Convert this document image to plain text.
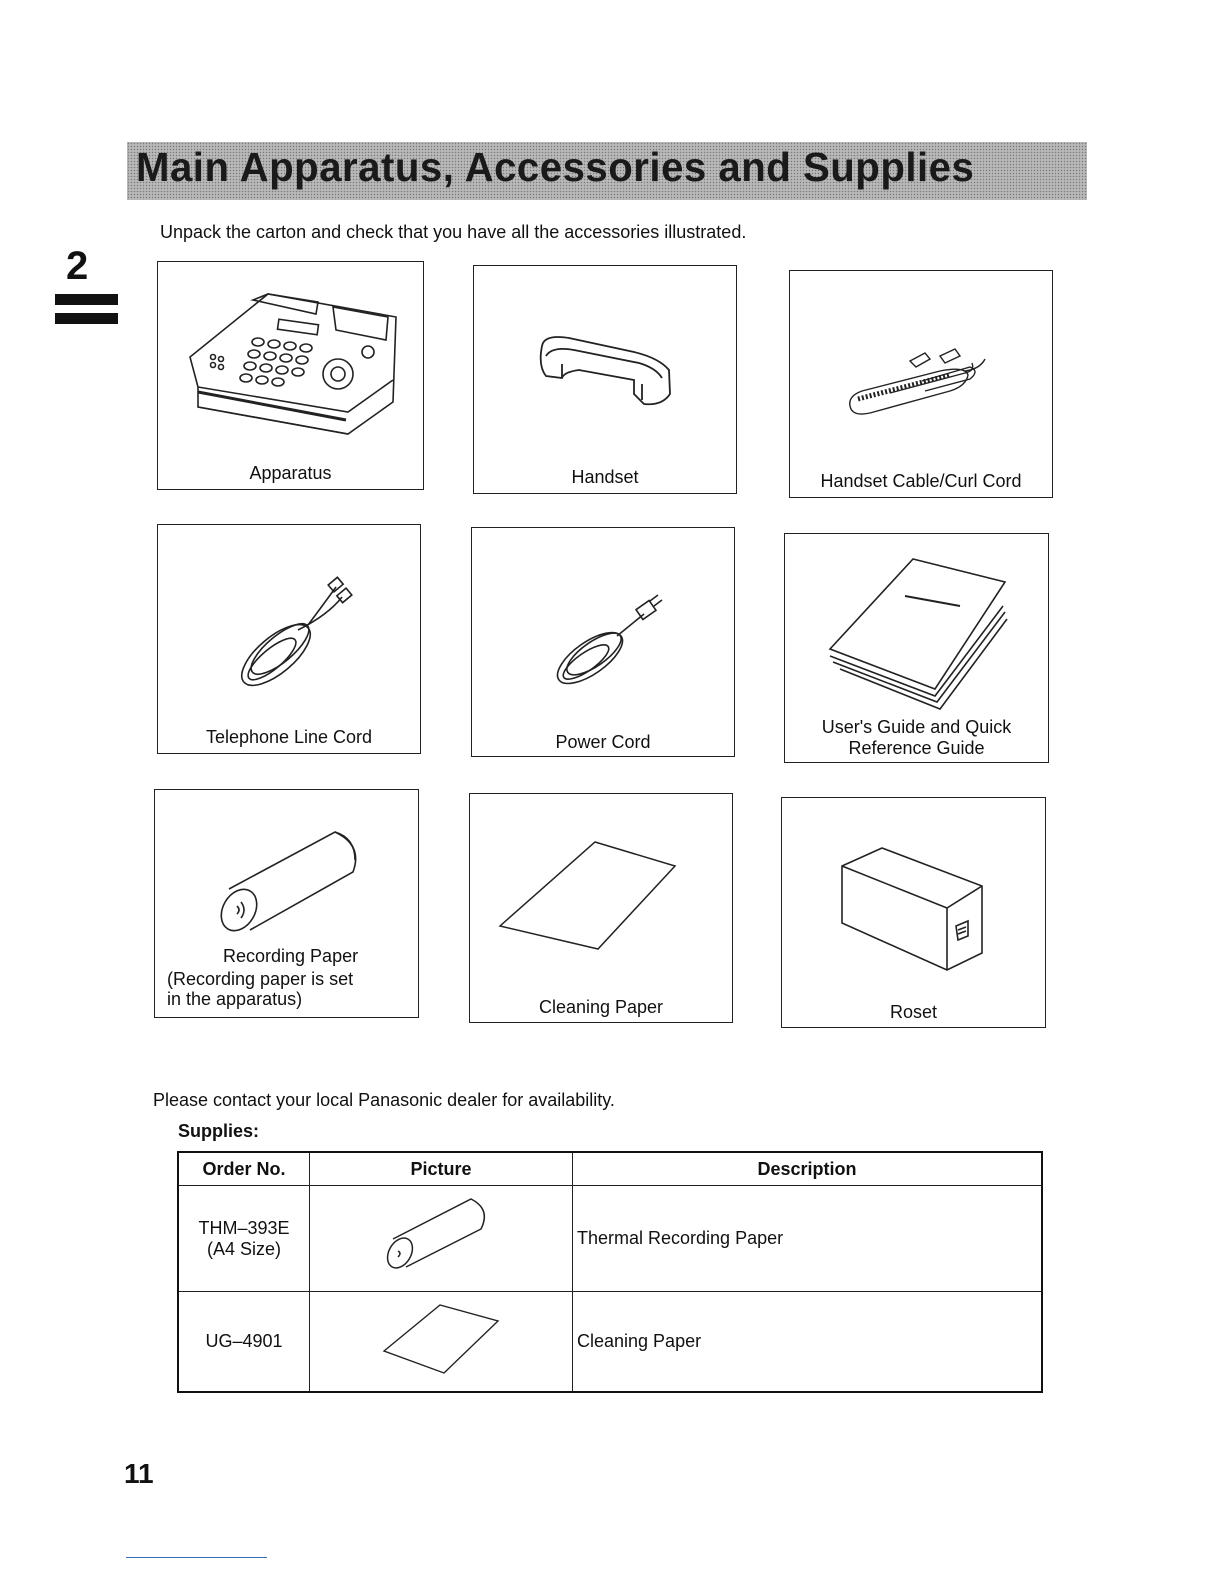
Main Apparatus, Accessories and Supplies
Unpack the carton and check that you have all the accessories illustrated.
2
Apparatus	Handset	Handset Cable/Curl Cord
Telephone Line Cord	Power Cord
User's Guide and Quick
Reference Guide
Recording Paper
(Recording paper is set
in the apparatus)	Cleaning Paper	Roset
Please contact your local Panasonic dealer for availability.
Supplies:
Order No.	Picture	Description

THM–393E
(A4 Size)		Thermal Recording Paper
UG–4901		Cleaning Paper
11
